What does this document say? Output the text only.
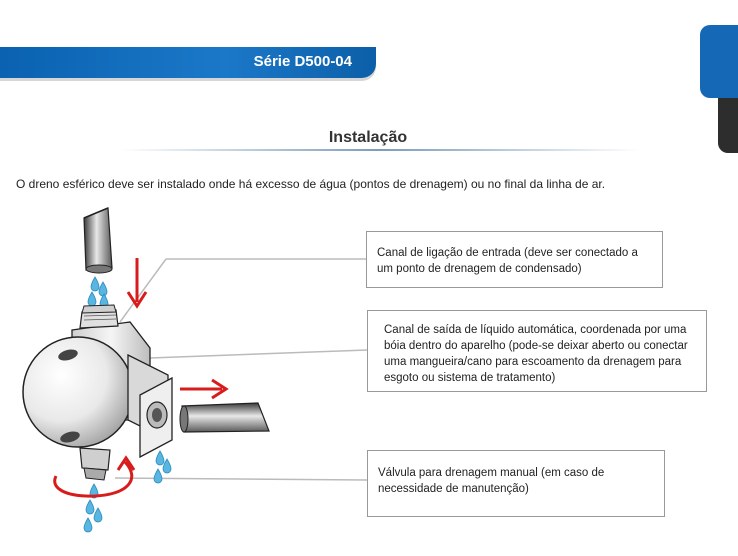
Série D500-04
Instalação
O dreno esférico deve ser instalado onde há excesso de água (pontos de drenagem) ou no final da linha de ar.
Canal de ligação de entrada (deve ser conectado a um ponto de drenagem de condensado)
Canal de saída de líquido automática, coordenada por uma bóia dentro do aparelho (pode-se deixar aberto ou conectar uma mangueira/cano para escoamento da drenagem para esgoto ou sistema de tratamento)
Válvula para drenagem manual (em caso de necessidade de manutenção)
